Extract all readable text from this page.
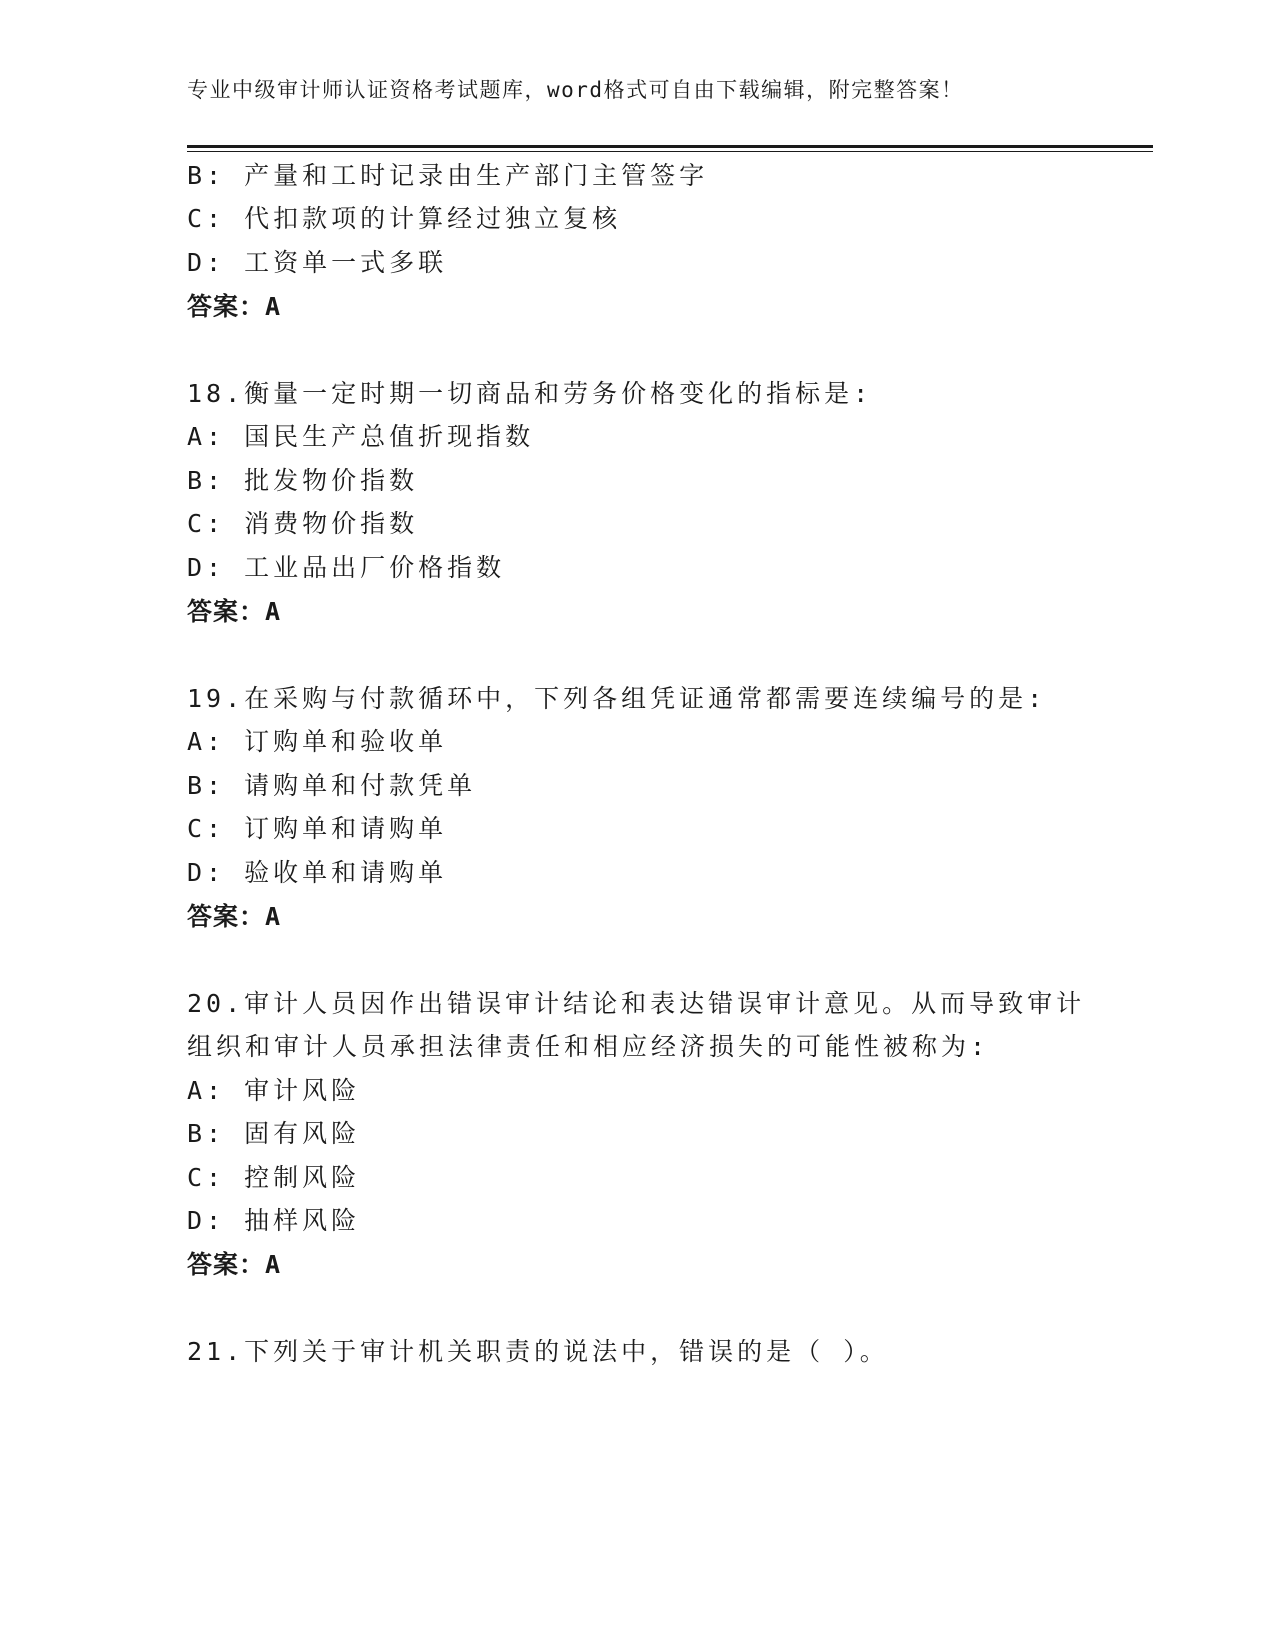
专业中级审计师认证资格考试题库，word格式可自由下载编辑，附完整答案！
B: 产量和工时记录由生产部门主管签字
C: 代扣款项的计算经过独立复核
D: 工资单一式多联
答案：A
18.衡量一定时期一切商品和劳务价格变化的指标是:
A: 国民生产总值折现指数
B: 批发物价指数
C: 消费物价指数
D: 工业品出厂价格指数
答案：A
19.在采购与付款循环中，下列各组凭证通常都需要连续编号的是:
A: 订购单和验收单
B: 请购单和付款凭单
C: 订购单和请购单
D: 验收单和请购单
答案：A
20.审计人员因作出错误审计结论和表达错误审计意见。从而导致审计
组织和审计人员承担法律责任和相应经济损失的可能性被称为:
A: 审计风险
B: 固有风险
C: 控制风险
D: 抽样风险
答案：A
21.下列关于审计机关职责的说法中，错误的是（ ）。
